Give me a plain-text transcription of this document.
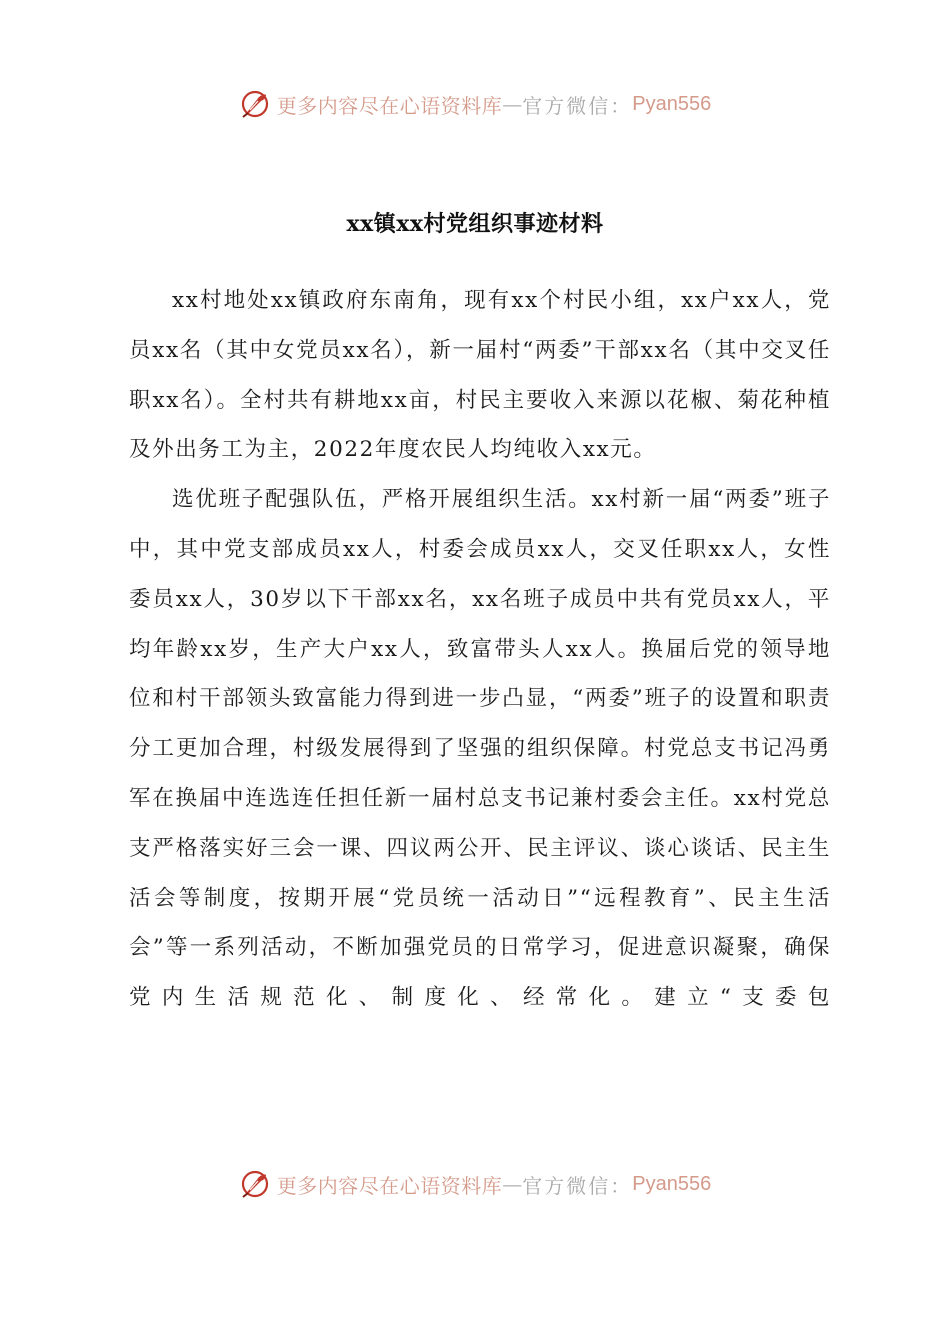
更多内容尽在心语资料库 — 官方微信： Pyan556
xx镇xx村党组织事迹材料

xx村地处xx镇政府东南角，现有xx个村民小组，xx户xx人，党员xx名（其中女党员xx名），新一届村“两委”干部xx名（其中交叉任职xx名）。全村共有耕地xx亩，村民主要收入来源以花椒、菊花种植及外出务工为主，2022年度农民人均纯收入xx元。

选优班子配强队伍，严格开展组织生活。xx村新一届“两委”班子中，其中党支部成员xx人，村委会成员xx人，交叉任职xx人，女性委员xx人，30岁以下干部xx名，xx名班子成员中共有党员xx人，平均年龄xx岁，生产大户xx人，致富带头人xx人。换届后党的领导地位和村干部领头致富能力得到进一步凸显，“两委”班子的设置和职责分工更加合理，村级发展得到了坚强的组织保障。村党总支书记冯勇军在换届中连选连任担任新一届村总支书记兼村委会主任。xx村党总支严格落实好三会一课、四议两公开、民主评议、谈心谈话、民主生活会等制度，按期开展“党员统一活动日”“远程教育”、民主生活会”等一系列活动，不断加强党员的日常学习，促进意识凝聚，确保党内生活规范化、制度化、经常化。建立“支委包

更多内容尽在心语资料库 — 官方微信： Pyan556
